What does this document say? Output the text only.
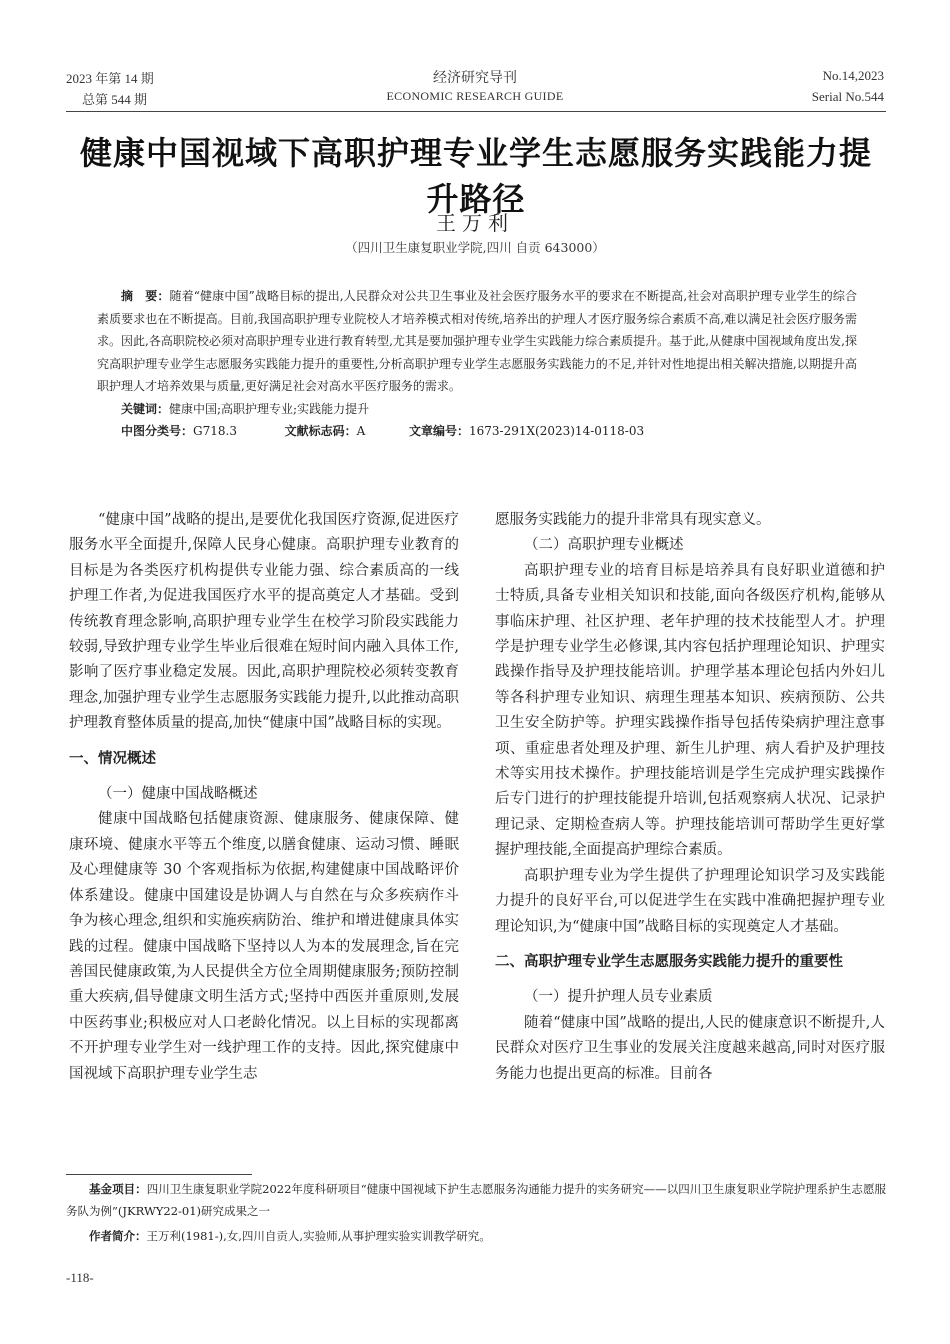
2023 年第 14 期
总第 544 期
经济研究导刊
ECONOMIC RESEARCH GUIDE
No.14,2023
Serial No.544
健康中国视域下高职护理专业学生志愿服务实践能力提升路径
王万利
（四川卫生康复职业学院,四川 自贡 643000）

摘　要：随着“健康中国”战略目标的提出,人民群众对公共卫生事业及社会医疗服务水平的要求在不断提高,社会对高职护理专业学生的综合素质要求也在不断提高。目前,我国高职护理专业院校人才培养模式相对传统,培养出的护理人才医疗服务综合素质不高,难以满足社会医疗服务需求。因此,各高职院校必须对高职护理专业进行教育转型,尤其是要加强护理专业学生实践能力综合素质提升。基于此,从健康中国视域角度出发,探究高职护理专业学生志愿服务实践能力提升的重要性,分析高职护理专业学生志愿服务实践能力的不足,并针对性地提出相关解决措施,以期提升高职护理人才培养效果与质量,更好满足社会对高水平医疗服务的需求。

关键词：健康中国;高职护理专业;实践能力提升
中图分类号：G718.3	文献标志码：A	文章编号：1673-291X(2023)14-0118-03

“健康中国”战略的提出,是要优化我国医疗资源,促进医疗服务水平全面提升,保障人民身心健康。高职护理专业教育的目标是为各类医疗机构提供专业能力强、综合素质高的一线护理工作者,为促进我国医疗水平的提高奠定人才基础。受到传统教育理念影响,高职护理专业学生在校学习阶段实践能力较弱,导致护理专业学生毕业后很难在短时间内融入具体工作,影响了医疗事业稳定发展。因此,高职护理院校必须转变教育理念,加强护理专业学生志愿服务实践能力提升,以此推动高职护理教育整体质量的提高,加快“健康中国”战略目标的实现。

一、情况概述

（一）健康中国战略概述

健康中国战略包括健康资源、健康服务、健康保障、健康环境、健康水平等五个维度,以膳食健康、运动习惯、睡眠及心理健康等 30 个客观指标为依据,构建健康中国战略评价体系建设。健康中国建设是协调人与自然在与众多疾病作斗争为核心理念,组织和实施疾病防治、维护和增进健康具体实践的过程。健康中国战略下坚持以人为本的发展理念,旨在完善国民健康政策,为人民提供全方位全周期健康服务;预防控制重大疾病,倡导健康文明生活方式;坚持中西医并重原则,发展中医药事业;积极应对人口老龄化情况。以上目标的实现都离不开护理专业学生对一线护理工作的支持。因此,探究健康中国视域下高职护理专业学生志

愿服务实践能力的提升非常具有现实意义。

（二）高职护理专业概述

高职护理专业的培育目标是培养具有良好职业道德和护士特质,具备专业相关知识和技能,面向各级医疗机构,能够从事临床护理、社区护理、老年护理的技术技能型人才。护理学是护理专业学生必修课,其内容包括护理理论知识、护理实践操作指导及护理技能培训。护理学基本理论包括内外妇儿等各科护理专业知识、病理生理基本知识、疾病预防、公共卫生安全防护等。护理实践操作指导包括传染病护理注意事项、重症患者处理及护理、新生儿护理、病人看护及护理技术等实用技术操作。护理技能培训是学生完成护理实践操作后专门进行的护理技能提升培训,包括观察病人状况、记录护理记录、定期检查病人等。护理技能培训可帮助学生更好掌握护理技能,全面提高护理综合素质。

高职护理专业为学生提供了护理理论知识学习及实践能力提升的良好平台,可以促进学生在实践中准确把握护理专业理论知识,为“健康中国”战略目标的实现奠定人才基础。

二、高职护理专业学生志愿服务实践能力提升的重要性

（一）提升护理人员专业素质

随着“健康中国”战略的提出,人民的健康意识不断提升,人民群众对医疗卫生事业的发展关注度越来越高,同时对医疗服务能力也提出更高的标准。目前各

基金项目：四川卫生康复职业学院2022年度科研项目“健康中国视域下护生志愿服务沟通能力提升的实务研究——以四川卫生康复职业学院护理系护生志愿服务队为例”(JKRWY22-01)研究成果之一

作者简介：王万利(1981-),女,四川自贡人,实验师,从事护理实验实训教学研究。

-118-
